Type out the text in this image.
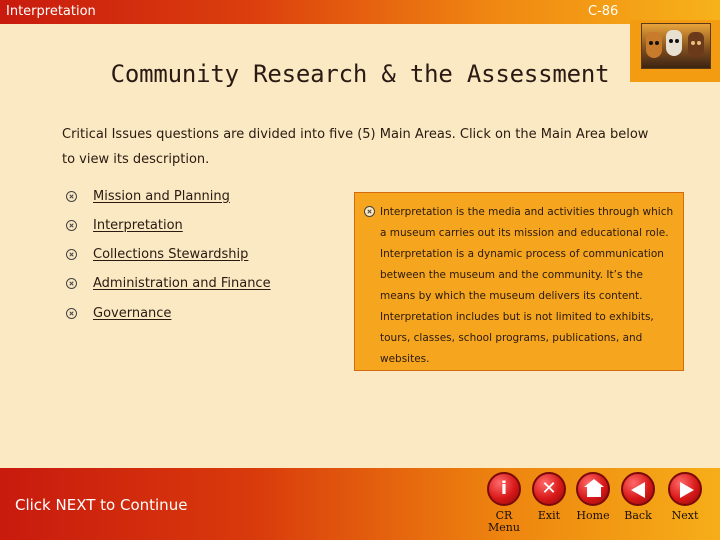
Interpretation	C-86
Community Research & the Assessment
Critical Issues questions are divided into five (5) Main Areas. Click on the Main Area below to view its description.
Mission and Planning
Interpretation
Collections Stewardship
Administration and Finance
Governance
Interpretation is the media and activities through which a museum carries out its mission and educational role. Interpretation is a dynamic process of communication between the museum and the community. It’s the means by which the museum delivers its content. Interpretation includes but is not limited to exhibits, tours, classes, school programs, publications, and websites.
Click NEXT to Continue
i
CR Menu
✕
Exit	Home	Back	Next
